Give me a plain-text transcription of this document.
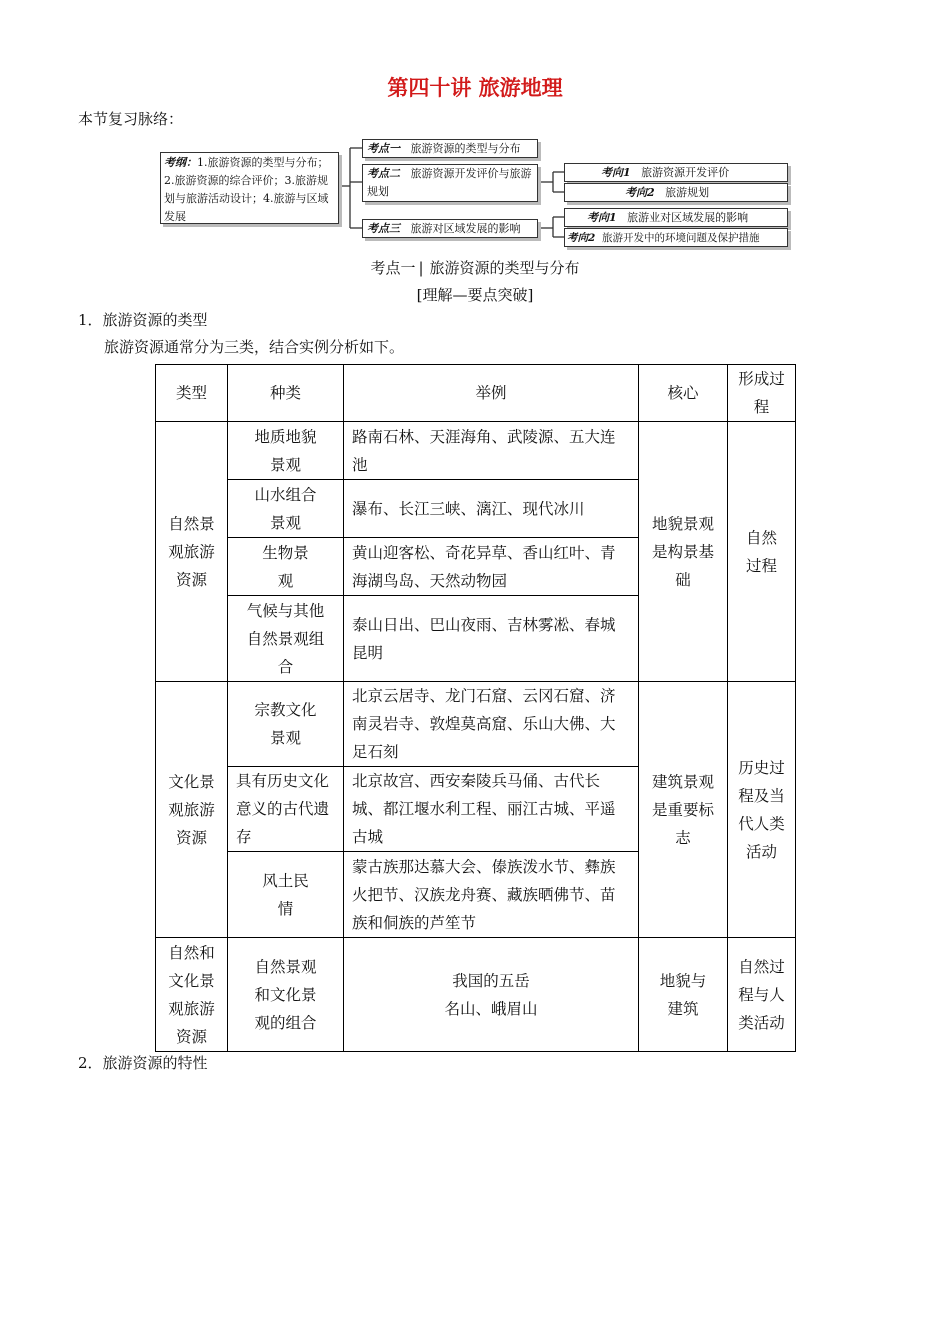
第四十讲 旅游地理
本节复习脉络：
考纲：1.旅游资源的类型与分布；2.旅游资源的综合评价；3.旅游规划与旅游活动设计；4.旅游与区域发展
考点一 旅游资源的类型与分布
考点二 旅游资源开发评价与旅游规划
考点三 旅游对区域发展的影响
考向1 旅游资源开发评价
考向2 旅游规划
考向1 旅游业对区域发展的影响
考向2 旅游开发中的环境问题及保护措施
考点一 | 旅游资源的类型与分布
[理解—要点突破]
1．旅游资源的类型
旅游资源通常分为三类，结合实例分析如下。
类型	种类	举例	核心	形成过程
自然景观旅游资源	地质地貌景观	路南石林、天涯海角、武陵源、五大连池	地貌景观是构景基础	自然过程
	山水组合景观	瀑布、长江三峡、漓江、现代冰川		
	生物景观	黄山迎客松、奇花异草、香山红叶、青海湖鸟岛、天然动物园		
	气候与其他自然景观组合	泰山日出、巴山夜雨、吉林雾凇、春城昆明		
文化景观旅游资源	宗教文化景观	北京云居寺、龙门石窟、云冈石窟、济南灵岩寺、敦煌莫高窟、乐山大佛、大足石刻	建筑景观是重要标志	历史过程及当代人类活动
	具有历史文化意义的古代遗存	北京故宫、西安秦陵兵马俑、古代长城、都江堰水利工程、丽江古城、平遥古城		
	风土民情	蒙古族那达慕大会、傣族泼水节、彝族火把节、汉族龙舟赛、藏族晒佛节、苗族和侗族的芦笙节		
自然和文化景观旅游资源	自然景观和文化景观的组合	我国的五岳
名山、峨眉山	地貌与建筑	自然过程与人类活动
2．旅游资源的特性
